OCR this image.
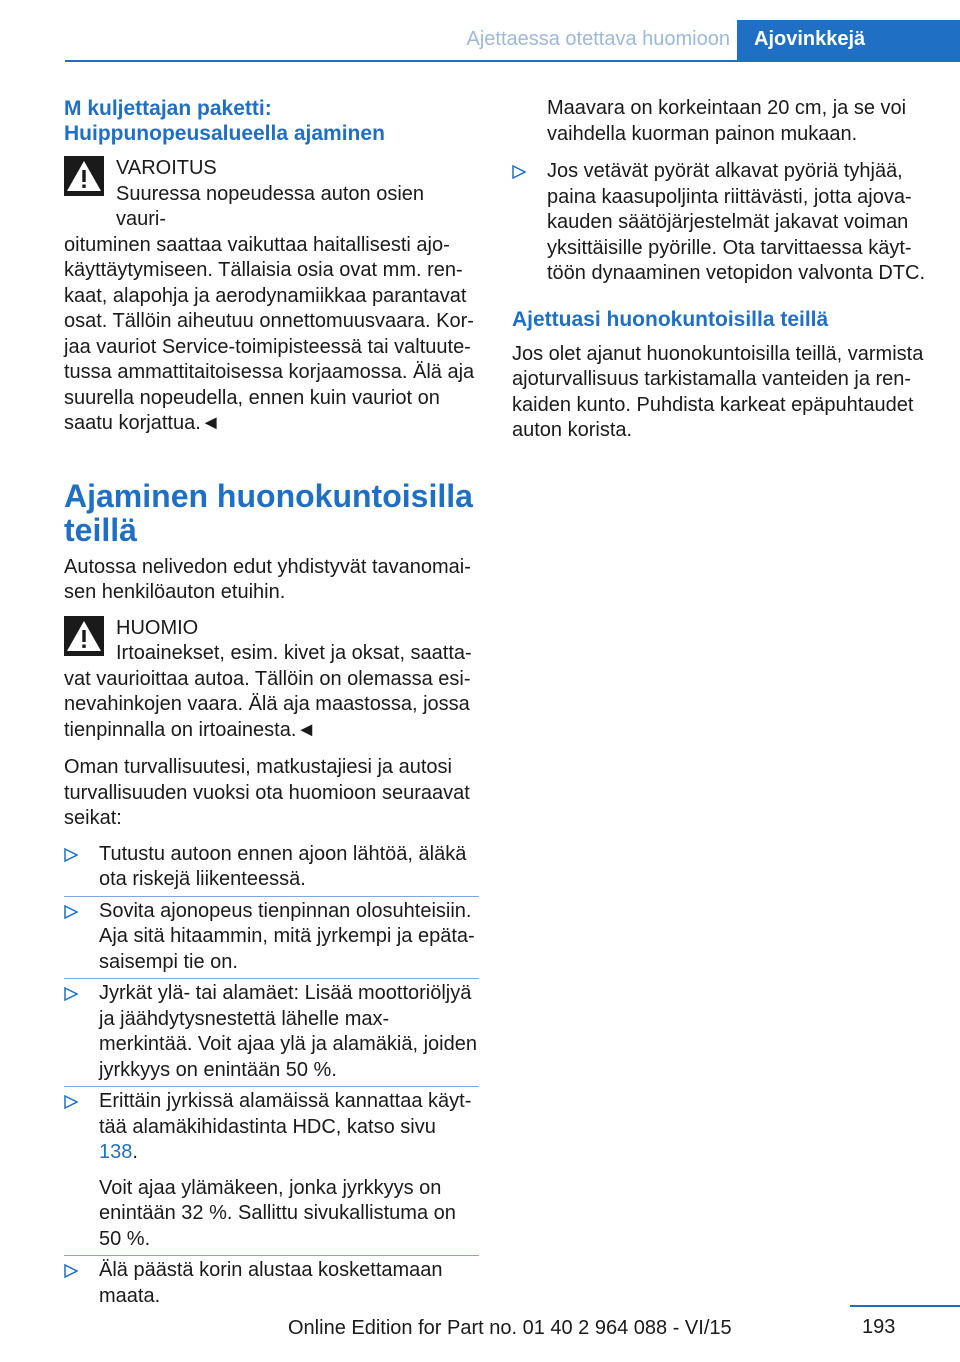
Ajettaessa otettava huomioon	Ajovinkkejä
M kuljettajan paketti:
Huippunopeusalueella ajaminen
VAROITUS
Suuressa nopeudessa auton osien vauri-

oituminen saattaa vaikuttaa haitallisesti ajo-käyttäytymiseen. Tällaisia osia ovat mm. ren-kaat, alapohja ja aerodynamiikkaa parantavat osat. Tällöin aiheutuu onnettomuusvaara. Kor-jaa vauriot Service-toimipisteessä tai valtuute-tussa ammattitaitoisessa korjaamossa. Älä aja suurella nopeudella, ennen kuin vauriot on saatu korjattua.◄

Ajaminen huonokuntoisilla teillä

Autossa nelivedon edut yhdistyvät tavanomai-sen henkilöauton etuihin.

HUOMIO
Irtoainekset, esim. kivet ja oksat, saatta-

vat vaurioittaa autoa. Tällöin on olemassa esi-nevahinkojen vaara. Älä aja maastossa, jossa tienpinnalla on irtoainesta.◄

Oman turvallisuutesi, matkustajiesi ja autosi turvallisuuden vuoksi ota huomioon seuraavat seikat:

Tutustu autoon ennen ajoon lähtöä, äläkä ota riskejä liikenteessä.
Sovita ajonopeus tienpinnan olosuhteisiin. Aja sitä hitaammin, mitä jyrkempi ja epäta-saisempi tie on.
Jyrkät ylä- tai alamäet: Lisää moottoriöljyä ja jäähdytysnestettä lähelle max-merkintää. Voit ajaa ylä ja alamäkiä, joiden jyrkkyys on enintään 50 %.
Erittäin jyrkissä alamäissä kannattaa käyt-tää alamäkihidastinta HDC, katso sivu 138.
Voit ajaa ylämäkeen, jonka jyrkkyys on enintään 32 %. Sallittu sivukallistuma on 50 %.
Älä päästä korin alustaa koskettamaan maata.

Maavara on korkeintaan 20 cm, ja se voi vaihdella kuorman painon mukaan.

Jos vetävät pyörät alkavat pyöriä tyhjää, paina kaasupoljinta riittävästi, jotta ajova-kauden säätöjärjestelmät jakavat voiman yksittäisille pyörille. Ota tarvittaessa käyt-töön dynaaminen vetopidon valvonta DTC.
Ajettuasi huonokuntoisilla teillä

Jos olet ajanut huonokuntoisilla teillä, varmista ajoturvallisuus tarkistamalla vanteiden ja ren-kaiden kunto. Puhdista karkeat epäpuhtaudet auton korista.

193
Online Edition for Part no. 01 40 2 964 088 - VI/15
